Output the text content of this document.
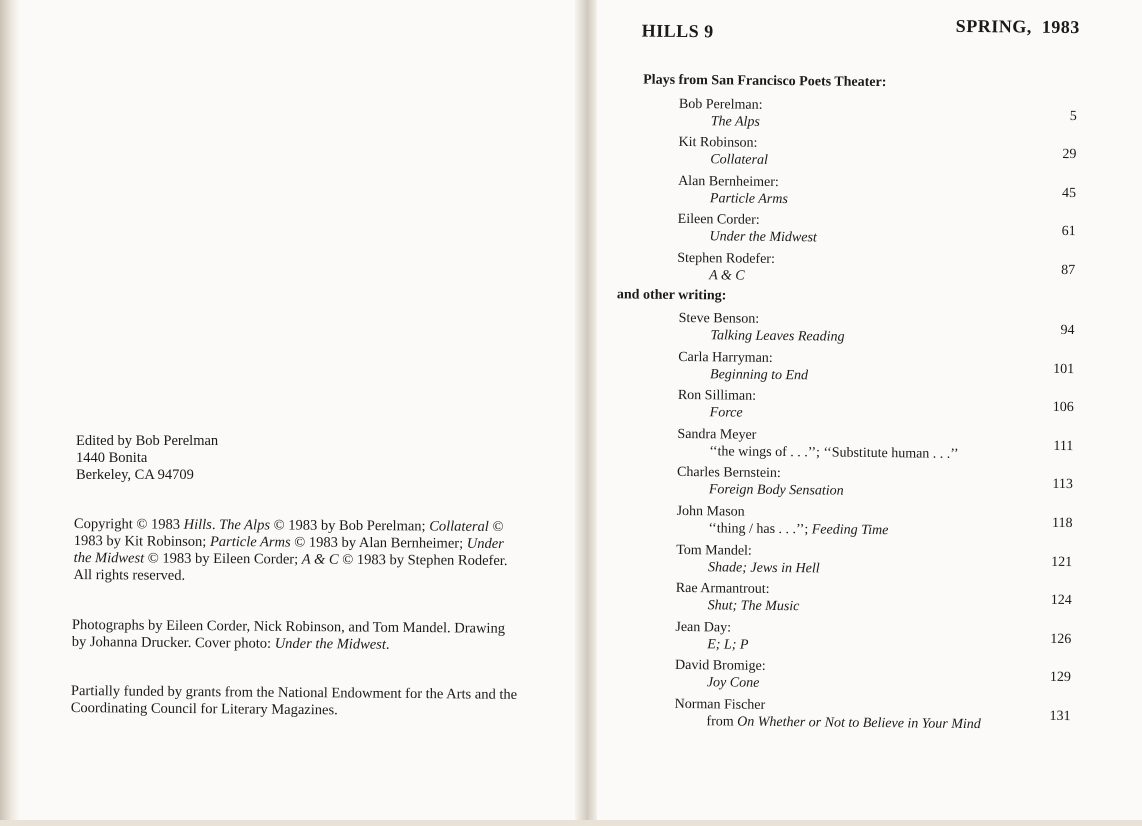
Edited by Bob Perelman
1440 Bonita
Berkeley, CA 94709

Copyright © 1983 Hills. The Alps © 1983 by Bob Perelman; Collateral © 1983 by Kit Robinson; Particle Arms © 1983 by Alan Bernheimer; Under the Midwest © 1983 by Eileen Corder; A & C © 1983 by Stephen Rodefer.

All rights reserved.

Photographs by Eileen Corder, Nick Robinson, and Tom Mandel. Drawing by Johanna Drucker. Cover photo: Under the Midwest.

Partially funded by grants from the National Endowment for the Arts and the Coordinating Council for Literary Magazines.

HILLS 9	SPRING,  1983
Plays from San Francisco Poets Theater:
and other writing:
Bob Perelman:
The Alps	5
Kit Robinson:
Collateral	29
Alan Bernheimer:
Particle Arms	45
Eileen Corder:
Under the Midwest	61
Stephen Rodefer:
A & C	87
Steve Benson:
Talking Leaves Reading	94
Carla Harryman:
Beginning to End	101
Ron Silliman:
Force	106
Sandra Meyer
‘‘the wings of . . .’’; ‘‘Substitute human . . .’’	111
Charles Bernstein:
Foreign Body Sensation	113
John Mason
‘‘thing / has . . .’’; Feeding Time	118
Tom Mandel:
Shade; Jews in Hell	121
Rae Armantrout:
Shut; The Music	124
Jean Day:
E; L; P	126
David Bromige:
Joy Cone	129
Norman Fischer
from On Whether or Not to Believe in Your Mind	131
